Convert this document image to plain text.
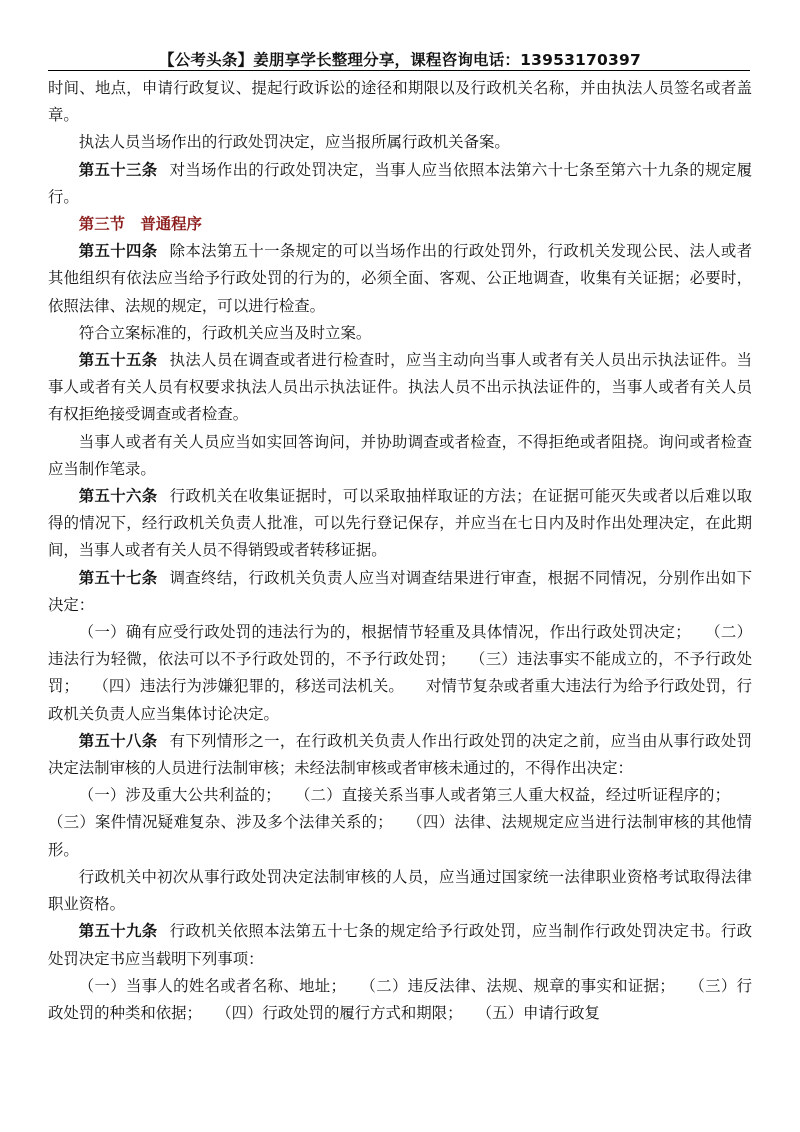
【公考头条】姜朋享学长整理分享，课程咨询电话：13953170397

时间、地点，申请行政复议、提起行政诉讼的途径和期限以及行政机关名称，并由执法人员签名或者盖章。

执法人员当场作出的行政处罚决定，应当报所属行政机关备案。

第五十三条 对当场作出的行政处罚决定，当事人应当依照本法第六十七条至第六十九条的规定履行。

第三节　普通程序

第五十四条 除本法第五十一条规定的可以当场作出的行政处罚外，行政机关发现公民、法人或者其他组织有依法应当给予行政处罚的行为的，必须全面、客观、公正地调查，收集有关证据；必要时，依照法律、法规的规定，可以进行检查。

符合立案标准的，行政机关应当及时立案。

第五十五条 执法人员在调查或者进行检查时，应当主动向当事人或者有关人员出示执法证件。当事人或者有关人员有权要求执法人员出示执法证件。执法人员不出示执法证件的，当事人或者有关人员有权拒绝接受调查或者检查。

当事人或者有关人员应当如实回答询问，并协助调查或者检查，不得拒绝或者阻挠。询问或者检查应当制作笔录。

第五十六条 行政机关在收集证据时，可以采取抽样取证的方法；在证据可能灭失或者以后难以取得的情况下，经行政机关负责人批准，可以先行登记保存，并应当在七日内及时作出处理决定，在此期间，当事人或者有关人员不得销毁或者转移证据。

第五十七条 调查终结，行政机关负责人应当对调查结果进行审查，根据不同情况，分别作出如下决定：

（一）确有应受行政处罚的违法行为的，根据情节轻重及具体情况，作出行政处罚决定； （二）违法行为轻微，依法可以不予行政处罚的，不予行政处罚； （三）违法事实不能成立的，不予行政处罚； （四）违法行为涉嫌犯罪的，移送司法机关。 对情节复杂或者重大违法行为给予行政处罚，行政机关负责人应当集体讨论决定。

第五十八条 有下列情形之一，在行政机关负责人作出行政处罚的决定之前，应当由从事行政处罚决定法制审核的人员进行法制审核；未经法制审核或者审核未通过的，不得作出决定：

（一）涉及重大公共利益的； （二）直接关系当事人或者第三人重大权益，经过听证程序的；（三）案件情况疑难复杂、涉及多个法律关系的； （四）法律、法规规定应当进行法制审核的其他情形。

行政机关中初次从事行政处罚决定法制审核的人员，应当通过国家统一法律职业资格考试取得法律职业资格。

第五十九条 行政机关依照本法第五十七条的规定给予行政处罚，应当制作行政处罚决定书。行政处罚决定书应当载明下列事项：

（一）当事人的姓名或者名称、地址； （二）违反法律、法规、规章的事实和证据； （三）行政处罚的种类和依据； （四）行政处罚的履行方式和期限； （五）申请行政复
